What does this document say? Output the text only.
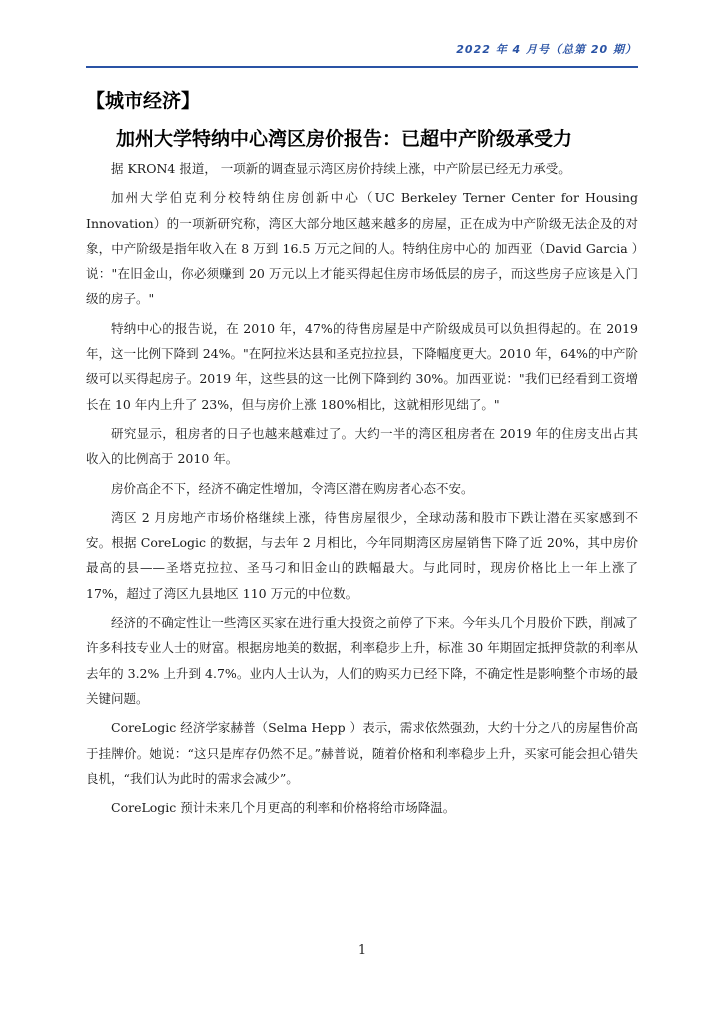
2022 年 4 月号（总第 20 期）
【城市经济】
加州大学特纳中心湾区房价报告：已超中产阶级承受力

据 KRON4 报道， 一项新的调查显示湾区房价持续上涨，中产阶层已经无力承受。

加州大学伯克利分校特纳住房创新中心（UC Berkeley Terner Center for Housing Innovation）的一项新研究称，湾区大部分地区越来越多的房屋，正在成为中产阶级无法企及的对象，中产阶级是指年收入在 8 万到 16.5 万元之间的人。特纳住房中心的 加西亚（David Garcia ）说："在旧金山，你必须赚到 20 万元以上才能买得起住房市场低层的房子，而这些房子应该是入门级的房子。"

特纳中心的报告说，在 2010 年，47%的待售房屋是中产阶级成员可以负担得起的。在 2019 年，这一比例下降到 24%。"在阿拉米达县和圣克拉拉县，下降幅度更大。2010 年，64%的中产阶级可以买得起房子。2019 年，这些县的这一比例下降到约 30%。加西亚说："我们已经看到工资增长在 10 年内上升了 23%，但与房价上涨 180%相比，这就相形见绌了。"

研究显示，租房者的日子也越来越难过了。大约一半的湾区租房者在 2019 年的住房支出占其收入的比例高于 2010 年。

房价高企不下，经济不确定性增加，令湾区潜在购房者心态不安。

湾区 2 月房地产市场价格继续上涨，待售房屋很少，全球动荡和股市下跌让潜在买家感到不安。根据 CoreLogic 的数据，与去年 2 月相比，今年同期湾区房屋销售下降了近 20%，其中房价最高的县——圣塔克拉拉、圣马刁和旧金山的跌幅最大。与此同时，现房价格比上一年上涨了 17%，超过了湾区九县地区 110 万元的中位数。

经济的不确定性让一些湾区买家在进行重大投资之前停了下来。今年头几个月股价下跌，削减了许多科技专业人士的财富。根据房地美的数据，利率稳步上升，标准 30 年期固定抵押贷款的利率从去年的 3.2% 上升到 4.7%。业内人士认为，人们的购买力已经下降，不确定性是影响整个市场的最关键问题。

CoreLogic 经济学家赫普（Selma Hepp ）表示，需求依然强劲，大约十分之八的房屋售价高于挂牌价。她说：“这只是库存仍然不足。”赫普说，随着价格和利率稳步上升，买家可能会担心错失良机，“我们认为此时的需求会减少”。

CoreLogic 预计未来几个月更高的利率和价格将给市场降温。

1
